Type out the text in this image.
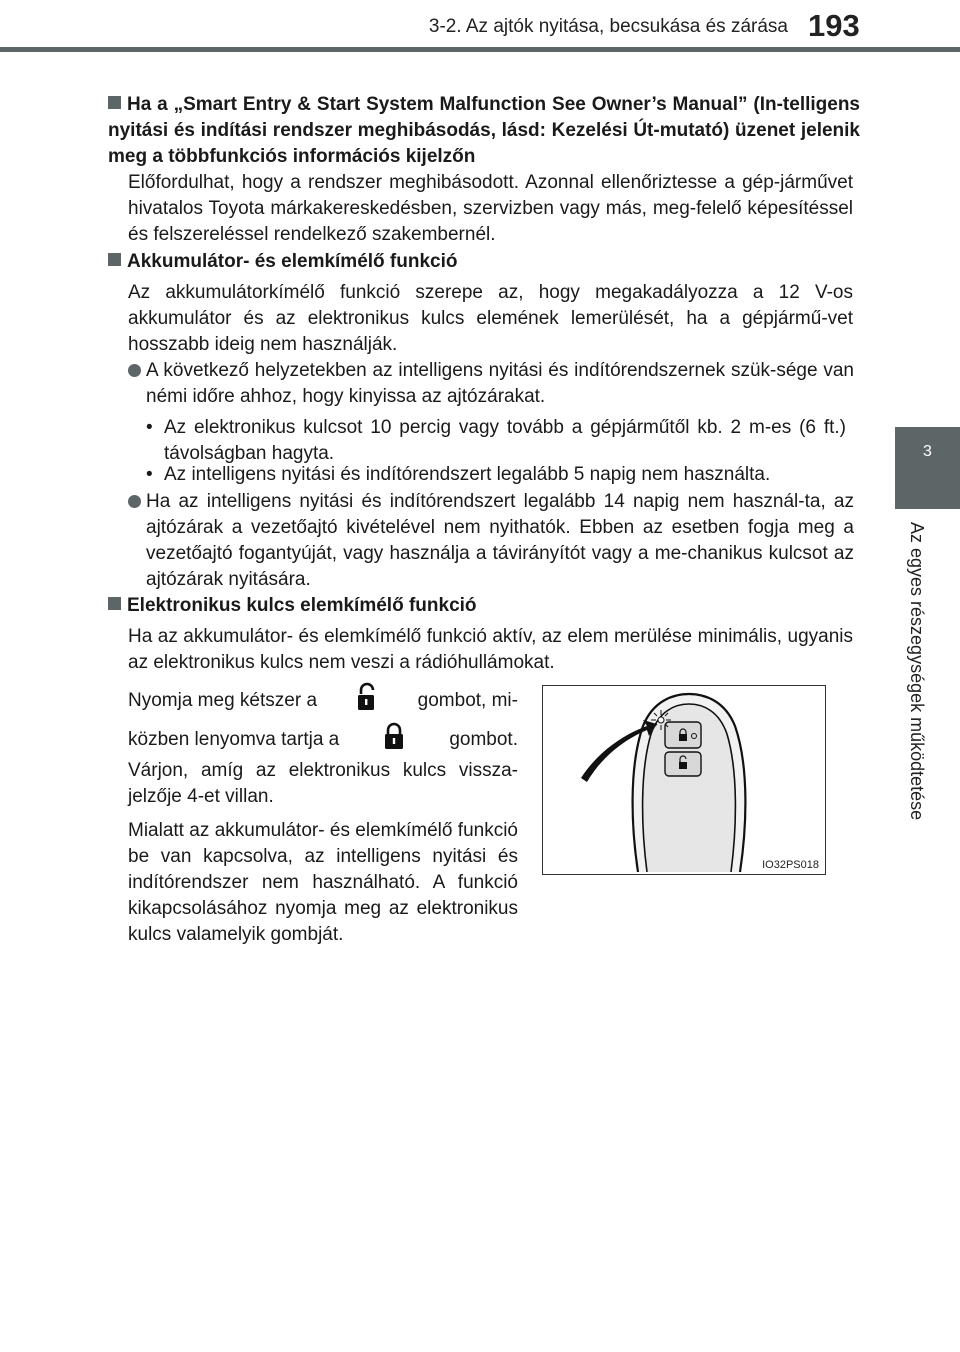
3-2. Az ajtók nyitása, becsukása és zárása 193
3
Az egyes részegységek működtetése
Ha a „Smart Entry & Start System Malfunction See Owner’s Manual” (In-telligens nyitási és indítási rendszer meghibásodás, lásd: Kezelési Út-mutató) üzenet jelenik meg a többfunkciós információs kijelzőn
Előfordulhat, hogy a rendszer meghibásodott. Azonnal ellenőriztesse a gép-járművet hivatalos Toyota márkakereskedésben, szervizben vagy más, meg-felelő képesítéssel és felszereléssel rendelkező szakembernél.
Akkumulátor- és elemkímélő funkció
Az akkumulátorkímélő funkció szerepe az, hogy megakadályozza a 12 V-os akkumulátor és az elektronikus kulcs elemének lemerülését, ha a gépjármű-vet hosszabb ideig nem használják.
A következő helyzetekben az intelligens nyitási és indítórendszernek szük-sége van némi időre ahhoz, hogy kinyissa az ajtózárakat.
• Az elektronikus kulcsot 10 percig vagy tovább a gépjárműtől kb. 2 m-es (6 ft.) távolságban hagyta.
• Az intelligens nyitási és indítórendszert legalább 5 napig nem használta.
Ha az intelligens nyitási és indítórendszert legalább 14 napig nem használ-ta, az ajtózárak a vezetőajtó kivételével nem nyithatók. Ebben az esetben fogja meg a vezetőajtó fogantyúját, vagy használja a távirányítót vagy a me-chanikus kulcsot az ajtózárak nyitására.
Elektronikus kulcs elemkímélő funkció
Ha az akkumulátor- és elemkímélő funkció aktív, az elem merülése minimális, ugyanis az elektronikus kulcs nem veszi a rádióhullámokat.
Nyomja meg kétszer a	gombot, mi-
közben lenyomva tartja a	gombot.
Várjon, amíg az elektronikus kulcs vissza-jelzője 4-et villan.
Mialatt az akkumulátor- és elemkímélő funkció be van kapcsolva, az intelligens nyitási és indítórendszer nem használható. A funkció kikapcsolásához nyomja meg az elektronikus kulcs valamelyik gombját.
IO32PS018
